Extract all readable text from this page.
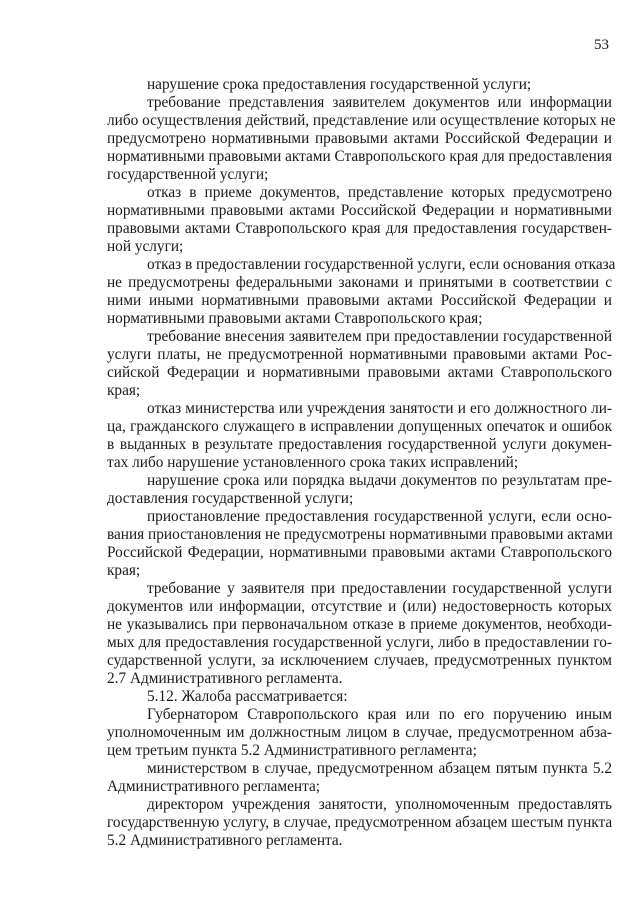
53
нарушение срока предоставления государственной услуги;
требование представления заявителем документов или информации
либо осуществления действий, представление или осуществление которых не
предусмотрено нормативными правовыми актами Российской Федерации и
нормативными правовыми актами Ставропольского края для предоставления
государственной услуги;
отказ в приеме документов, представление которых предусмотрено
нормативными правовыми актами Российской Федерации и нормативными
правовыми актами Ставропольского края для предоставления государствен-
ной услуги;
отказ в предоставлении государственной услуги, если основания отказа
не предусмотрены федеральными законами и принятыми в соответствии с
ними иными нормативными правовыми актами Российской Федерации и
нормативными правовыми актами Ставропольского края;
требование внесения заявителем при предоставлении государственной
услуги платы, не предусмотренной нормативными правовыми актами Рос-
сийской Федерации и нормативными правовыми актами Ставропольского
края;
отказ министерства или учреждения занятости и его должностного ли-
ца, гражданского служащего в исправлении допущенных опечаток и ошибок
в выданных в результате предоставления государственной услуги докумен-
тах либо нарушение установленного срока таких исправлений;
нарушение срока или порядка выдачи документов по результатам пре-
доставления государственной услуги;
приостановление предоставления государственной услуги, если осно-
вания приостановления не предусмотрены нормативными правовыми актами
Российской Федерации, нормативными правовыми актами Ставропольского
края;
требование у заявителя при предоставлении государственной услуги
документов или информации, отсутствие и (или) недостоверность которых
не указывались при первоначальном отказе в приеме документов, необходи-
мых для предоставления государственной услуги, либо в предоставлении го-
сударственной услуги, за исключением случаев, предусмотренных пунктом
2.7 Административного регламента.
5.12. Жалоба рассматривается:
Губернатором Ставропольского края или по его поручению иным
уполномоченным им должностным лицом в случае, предусмотренном абза-
цем третьим пункта 5.2 Административного регламента;
министерством в случае, предусмотренном абзацем пятым пункта 5.2
Административного регламента;
директором учреждения занятости, уполномоченным предоставлять
государственную услугу, в случае, предусмотренном абзацем шестым пункта
5.2 Административного регламента.
